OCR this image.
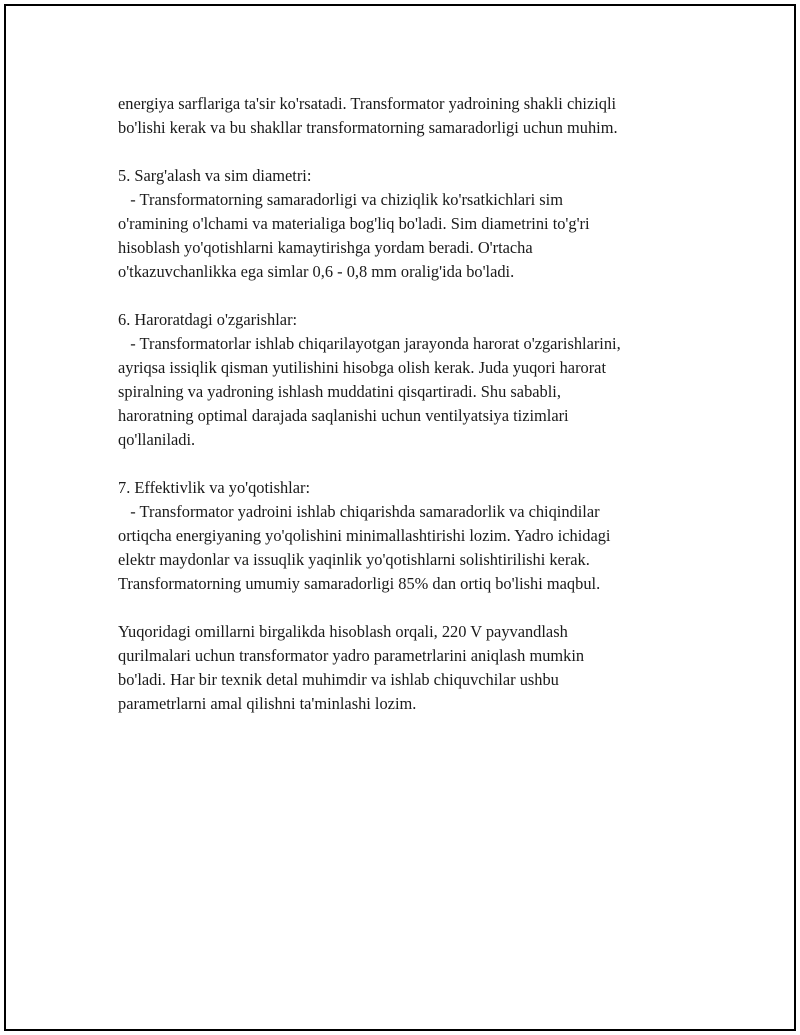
energiya sarflariga ta'sir ko'rsatadi. Transformator yadroining shakli chiziqli
bo'lishi kerak va bu shakllar transformatorning samaradorligi uchun muhim.
5. Sarg'alash va sim diametri:
- Transformatorning samaradorligi va chiziqlik ko'rsatkichlari sim
o'ramining o'lchami va materialiga bog'liq bo'ladi. Sim diametrini to'g'ri
hisoblash yo'qotishlarni kamaytirishga yordam beradi. O'rtacha
o'tkazuvchanlikka ega simlar 0,6 - 0,8 mm oralig'ida bo'ladi.
6. Haroratdagi o'zgarishlar:
- Transformatorlar ishlab chiqarilayotgan jarayonda harorat o'zgarishlarini,
ayriqsa issiqlik qisman yutilishini hisobga olish kerak. Juda yuqori harorat
spiralning va yadroning ishlash muddatini qisqartiradi. Shu sababli,
haroratning optimal darajada saqlanishi uchun ventilyatsiya tizimlari
qo'llaniladi.
7. Effektivlik va yo'qotishlar:
- Transformator yadroini ishlab chiqarishda samaradorlik va chiqindilar
ortiqcha energiyaning yo'qolishini minimallashtirishi lozim. Yadro ichidagi
elektr maydonlar va issuqlik yaqinlik yo'qotishlarni solishtirilishi kerak.
Transformatorning umumiy samaradorligi 85% dan ortiq bo'lishi maqbul.
Yuqoridagi omillarni birgalikda hisoblash orqali, 220 V payvandlash
qurilmalari uchun transformator yadro parametrlarini aniqlash mumkin
bo'ladi. Har bir texnik detal muhimdir va ishlab chiquvchilar ushbu
parametrlarni amal qilishni ta'minlashi lozim.
